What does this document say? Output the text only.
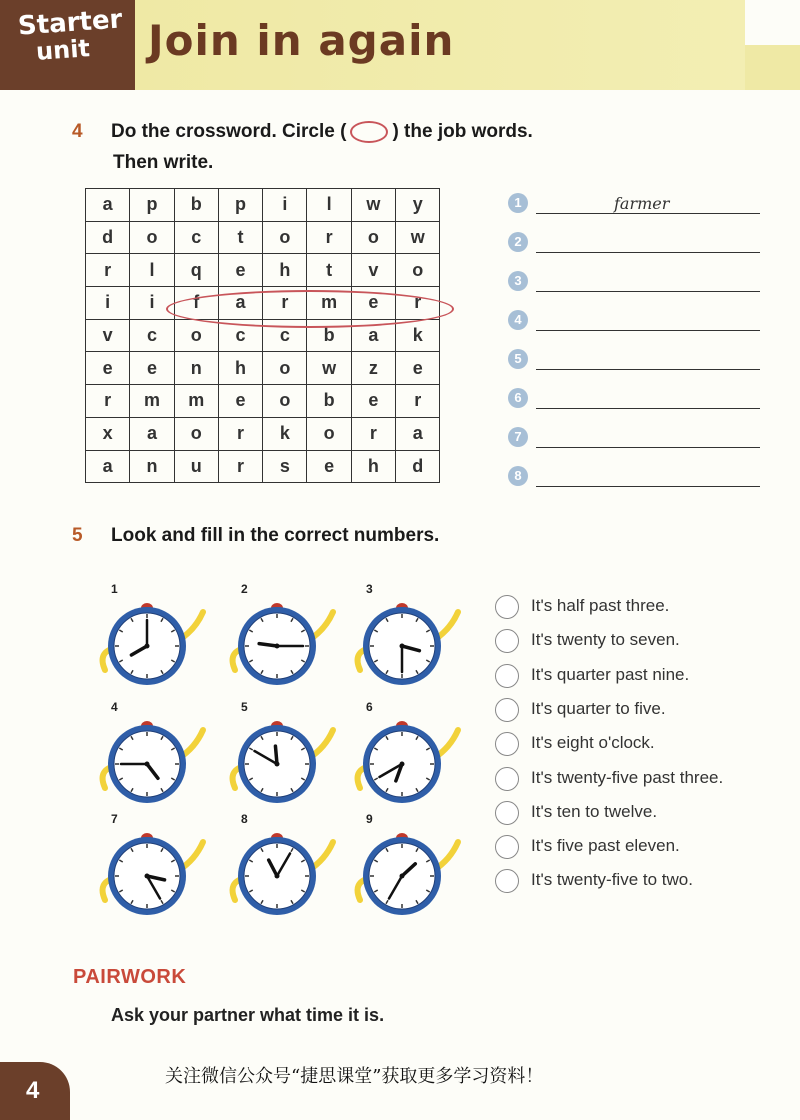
Starter
unit Join in again
4 Do the crossword. Circle ( ) the job words.
Then write.
a	p	b	p	i	l	w	y
d	o	c	t	o	r	o	w
r	l	q	e	h	t	v	o
i	i	f	a	r	m	e	r
v	c	o	c	c	b	a	k
e	e	n	h	o	w	z	e
r	m	m	e	o	b	e	r
x	a	o	r	k	o	r	a
a	n	u	r	s	e	h	d
1	farmer
2
3
4
5
6
7
8
5 Look and fill in the correct numbers.
1	2	3
4	5	6
7	8	9
It's half past three.
It's twenty to seven.
It's quarter past nine.
It's quarter to five.
It's eight o'clock.
It's twenty-five past three.
It's ten to twelve.
It's five past eleven.
It's twenty-five to two.
PAIRWORK
Ask your partner what time it is.
关注微信公众号“捷思课堂”获取更多学习资料！
4
